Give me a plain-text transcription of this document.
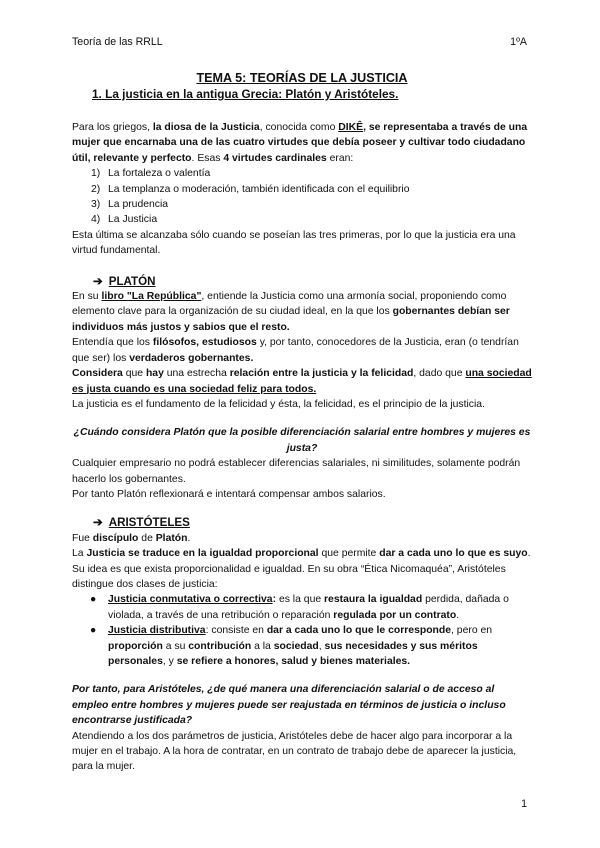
Teoría de las RRLL	1ºA
TEMA 5: TEORÍAS DE LA JUSTICIA
1. La justicia en la antigua Grecia: Platón y Aristóteles.

Para los griegos, la diosa de la Justicia, conocida como DIKÊ, se representaba a través de una mujer que encarnaba una de las cuatro virtudes que debía poseer y cultivar todo ciudadano útil, relevante y perfecto. Esas 4 virtudes cardinales eran:

1) La fortaleza o valentía
2) La templanza o moderación, también identificada con el equilibrio
3) La prudencia
4) La Justicia

Esta última se alcanzaba sólo cuando se poseían las tres primeras, por lo que la justicia era una virtud fundamental.

➔ PLATÓN

En su libro "La República", entiende la Justicia como una armonía social, proponiendo como elemento clave para la organización de su ciudad ideal, en la que los gobernantes debían ser individuos más justos y sabios que el resto.

Entendía que los filósofos, estudiosos y, por tanto, conocedores de la Justicia, eran (o tendrían que ser) los verdaderos gobernantes.

Considera que hay una estrecha relación entre la justicia y la felicidad, dado que una sociedad es justa cuando es una sociedad feliz para todos.

La justicia es el fundamento de la felicidad y ésta, la felicidad, es el principio de la justicia.

¿Cuándo considera Platón que la posible diferenciación salarial entre hombres y mujeres es justa?

Cualquier empresario no podrá establecer diferencias salariales, ni similitudes, solamente podrán hacerlo los gobernantes.

Por tanto Platón reflexionará e intentará compensar ambos salarios.

➔ ARISTÓTELES

Fue discípulo de Platón.

La Justicia se traduce en la igualdad proporcional que permite dar a cada uno lo que es suyo. Su idea es que exista proporcionalidad e igualdad. En su obra “Ética Nicomaquéa”, Aristóteles distingue dos clases de justicia:

● Justicia conmutativa o correctiva: es la que restaura la igualdad perdida, dañada o violada, a través de una retribución o reparación regulada por un contrato.
● Justicia distributiva: consiste en dar a cada uno lo que le corresponde, pero en proporción a su contribución a la sociedad, sus necesidades y sus méritos personales, y se refiere a honores, salud y bienes materiales.

Por tanto, para Aristóteles, ¿de qué manera una diferenciación salarial o de acceso al empleo entre hombres y mujeres puede ser reajustada en términos de justicia o incluso encontrarse justificada?

Atendiendo a los dos parámetros de justicia, Aristóteles debe de hacer algo para incorporar a la mujer en el trabajo. A la hora de contratar, en un contrato de trabajo debe de aparecer la justicia, para la mujer.

1
